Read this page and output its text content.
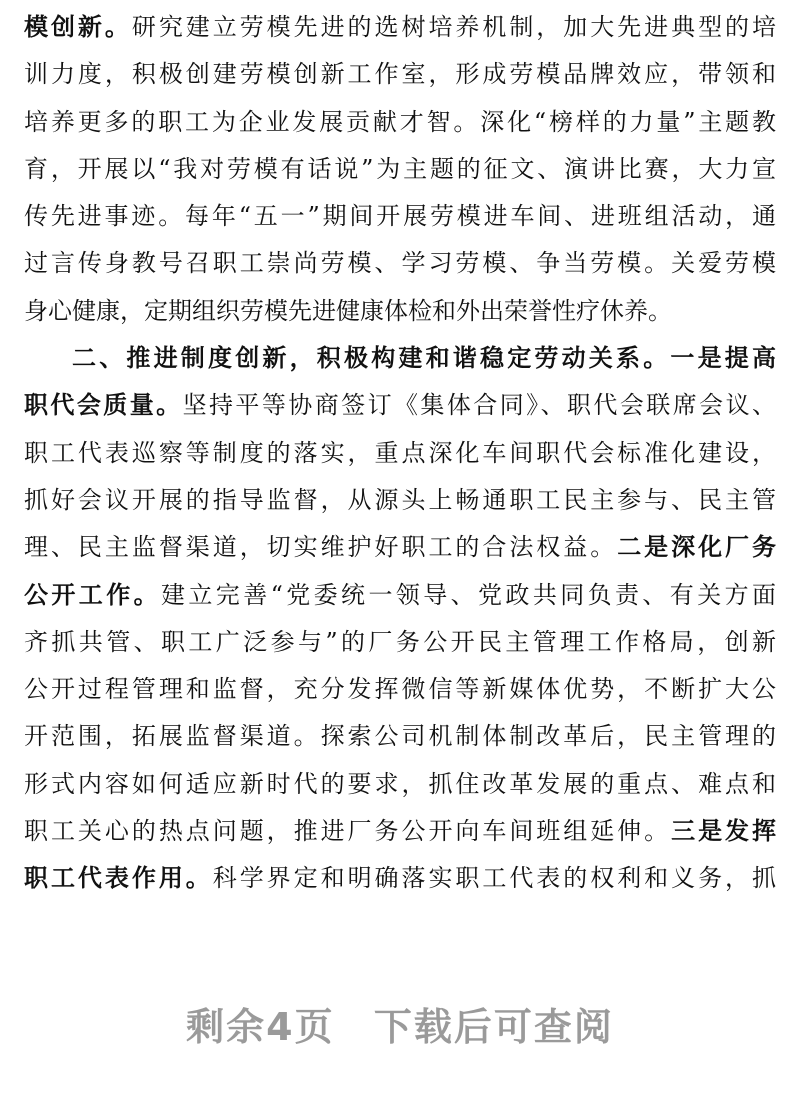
模创新。研究建立劳模先进的选树培养机制，加大先进典型的培
训力度，积极创建劳模创新工作室，形成劳模品牌效应，带领和
培养更多的职工为企业发展贡献才智。深化“榜样的力量”主题教
育，开展以“我对劳模有话说”为主题的征文、演讲比赛，大力宣
传先进事迹。每年“五一”期间开展劳模进车间、进班组活动，通
过言传身教号召职工崇尚劳模、学习劳模、争当劳模。关爱劳模
身心健康，定期组织劳模先进健康体检和外出荣誉性疗休养。
二、推进制度创新，积极构建和谐稳定劳动关系。一是提高
职代会质量。坚持平等协商签订《集体合同》、职代会联席会议、
职工代表巡察等制度的落实，重点深化车间职代会标准化建设，
抓好会议开展的指导监督，从源头上畅通职工民主参与、民主管
理、民主监督渠道，切实维护好职工的合法权益。二是深化厂务
公开工作。建立完善“党委统一领导、党政共同负责、有关方面
齐抓共管、职工广泛参与”的厂务公开民主管理工作格局，创新
公开过程管理和监督，充分发挥微信等新媒体优势，不断扩大公
开范围，拓展监督渠道。探索公司机制体制改革后，民主管理的
形式内容如何适应新时代的要求，抓住改革发展的重点、难点和
职工关心的热点问题，推进厂务公开向车间班组延伸。三是发挥
职工代表作用。科学界定和明确落实职工代表的权利和义务，抓
剩余4页 下载后可查阅
